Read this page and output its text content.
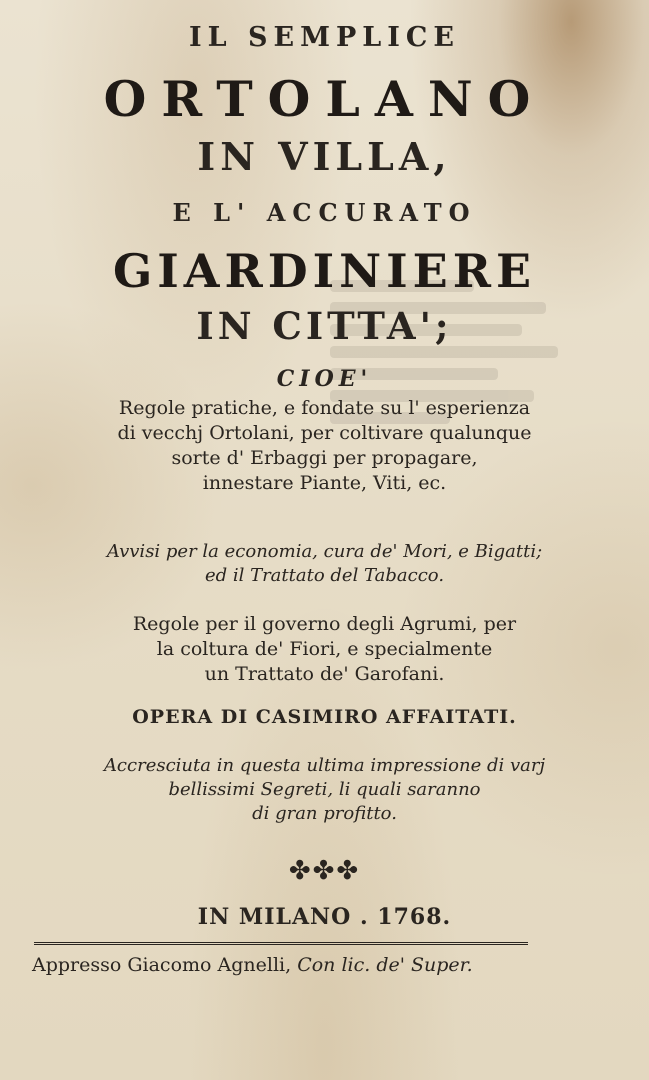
IL SEMPLICE
ORTOLANO
IN VILLA,
E L' ACCURATO
GIARDINIERE
IN CITTA';
CIOE'
Regole pratiche, e fondate su l' esperienza
di vecchj Ortolani, per coltivare qualunque
sorte d' Erbaggi per propagare,
innestare Piante, Viti, ec.
Avvisi per la economia, cura de' Mori, e Bigatti;
ed il Trattato del Tabacco.
Regole per il governo degli Agrumi, per
la coltura de' Fiori, e specialmente
un Trattato de' Garofani.
OPERA DI CASIMIRO AFFAITATI.
Accresciuta in questa ultima impressione di varj
bellissimi Segreti, li quali saranno
di gran profitto.
✤✤✤
IN MILANO . 1768.
Appresso Giacomo Agnelli, Con lic. de' Super.
